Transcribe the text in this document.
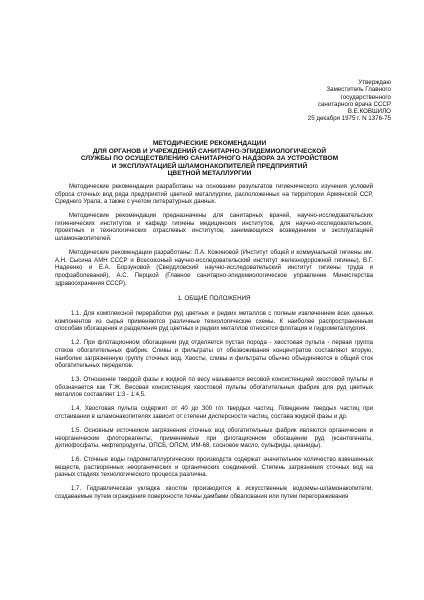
Утверждаю
Заместитель Главного
государственного
санитарного врача СССР
В.Е.КОВШИЛО
25 декабря 1975 г. N 1376-75
МЕТОДИЧЕСКИЕ РЕКОМЕНДАЦИИ
ДЛЯ ОРГАНОВ И УЧРЕЖДЕНИЙ САНИТАРНО-ЭПИДЕМИОЛОГИЧЕСКОЙ
СЛУЖБЫ ПО ОСУЩЕСТВЛЕНИЮ САНИТАРНОГО НАДЗОРА ЗА УСТРОЙСТВОМ
И ЭКСПЛУАТАЦИЕЙ ШЛАМОНАКОПИТЕЛЕЙ ПРЕДПРИЯТИЙ
ЦВЕТНОЙ МЕТАЛЛУРГИИ

Методические рекомендации разработаны на основании результатов гигиенического изучения условий сброса сточных вод ряда предприятий цветной металлургии, расположенных на территории Армянской ССР, Среднего Урала, а также с учетом литературных данных.

Методические рекомендации предназначены для санитарных врачей, научно-исследовательских гигиенических институтов и кафедр гигиены медицинских институтов, для научно-исследовательских, проектных и технологических отраслевых институтов, занимающихся возведением и эксплуатацией шламонакопителей.

Методические рекомендации разработаны: Л.А. Кожиновой (Институт общей и коммунальной гигиены им. А.Н. Сысина АМН СССР и Всесоюзный научно-исследовательский институт железнодорожной гигиены), В.Г. Надеенко и Е.А. Борзуновой (Свердловский научно-исследовательский институт гигиены труда и профзаболеваний), А.С. Перцкой (Главное санитарно-эпидемиологическое управление Министерства здравоохранения СССР).

1. ОБЩИЕ ПОЛОЖЕНИЯ

1.1. Для комплексной переработки руд цветных и редких металлов с полным извлечением всех ценных компонентов из сырья применяются различные технологические схемы. К наиболее распространенным способам обогащения и разделения руд цветных и редких металлов относятся флотация и гидрометаллургия.

1.2. При флотационном обогащении руд отделяется пустая порода - хвостовая пульпа - первая группа стоков обогатительных фабрик. Сливы и фильтраты от обезвоживания концентратов составляют вторую, наиболее загрязненную группу сточных вод. Хвосты, сливы и фильтраты обычно объединяются в общий сток обогатительных переделов.

1.3. Отношение твердой фазы к жидкой по весу называется весовой консистенцией хвостовой пульпы и обозначается как Т:Ж. Весовая консистенция хвостовой пульпы обогатительных фабрик для руд цветных металлов составляет 1:3 - 1:4,5.

1.4. Хвостовая пульпа содержит от 40 до 300 г/л твердых частиц. Поведение твердых частиц при отстаивании в шламонакопителях зависит от степени дисперсности частиц, состава жидкой фазы и др.

1.5. Основным источником загрязнения сточных вод обогатительных фабрик являются органические и неорганические флотореагенты, применяемые при флотационном обогащении руд (ксантогенаты, дитиофосфаты, нефтепродукты, ОПСБ, ОПСМ, ИМ-68, сосновое масло, сульфиды, цианиды).

1.6. Сточные воды гидрометаллургических производств содержат значительное количество взвешенных веществ, растворенных неорганических и органических соединений. Степень загрязнения сточных вод на разных стадиях технологического процесса различна.

1.7. Гидравлическая укладка хвостов производится в искусственные водоемы-шламонакопители, создаваемые путем ограждения поверхности почвы дамбами обвалования или путем перегораживания
